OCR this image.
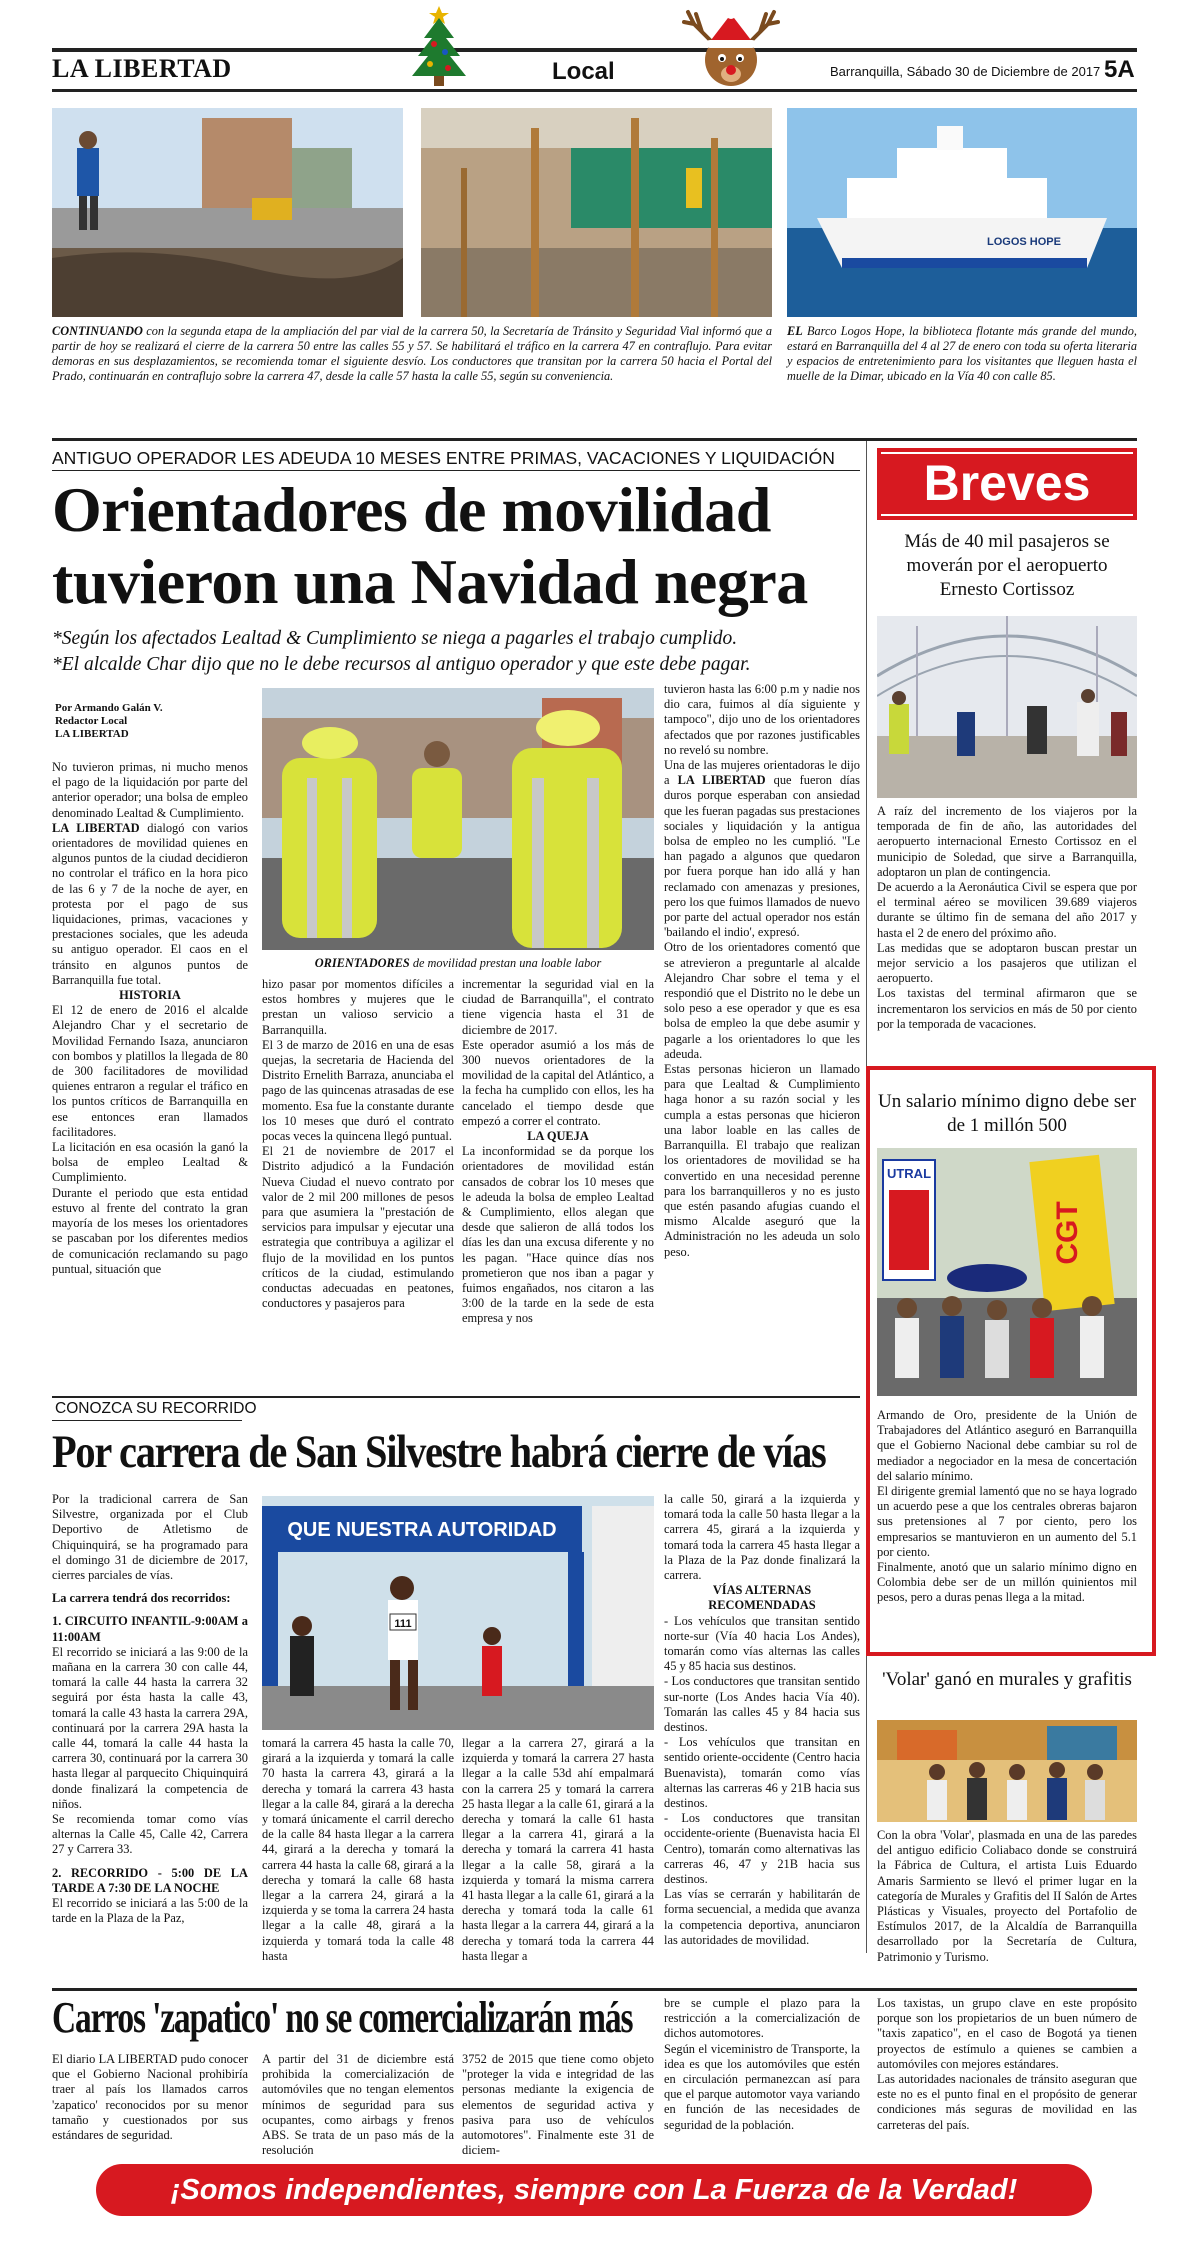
LA LIBERTAD	Local	Barranquilla, Sábado 30 de Diciembre de 2017 5A
LOGOS HOPE
CONTINUANDO con la segunda etapa de la ampliación del par vial de la carrera 50, la Secretaría de Tránsito y Seguridad Vial informó que a partir de hoy se realizará el cierre de la carrera 50 entre las calles 55 y 57. Se habilitará el tráfico en la carrera 47 en contraflujo. Para evitar demoras en sus desplazamientos, se recomienda tomar el siguiente desvío. Los conductores que transitan por la carrera 50 hacia el Portal del Prado, continuarán en contraflujo sobre la carrera 47, desde la calle 57 hasta la calle 55, según su conveniencia.
EL Barco Logos Hope, la biblioteca flotante más grande del mundo, estará en Barranquilla del 4 al 27 de enero con toda su oferta literaria y espacios de entretenimiento para los visitantes que lleguen hasta el muelle de la Dimar, ubicado en la Vía 40 con calle 85.
ANTIGUO OPERADOR LES ADEUDA 10 MESES ENTRE PRIMAS, VACACIONES Y LIQUIDACIÓN
Orientadores de movilidad
tuvieron una Navidad negra
*Según los afectados Lealtad & Cumplimiento se niega a pagarles el trabajo cumplido.
*El alcalde Char dijo que no le debe recursos al antiguo operador y que este debe pagar.
Por Armando Galán V.
Redactor Local
LA LIBERTAD

No tuvieron primas, ni mucho menos el pago de la liquidación por parte del anterior operador; una bolsa de empleo denominado Lealtad & Cumplimiento.

LA LIBERTAD dialogó con varios orientadores de movilidad quienes en algunos puntos de la ciudad decidieron no controlar el tráfico en la hora pico de las 6 y 7 de la noche de ayer, en protesta por el pago de sus liquidaciones, primas, vacaciones y prestaciones sociales, que les adeuda su antiguo operador. El caos en el tránsito en algunos puntos de Barranquilla fue total.

HISTORIA

El 12 de enero de 2016 el alcalde Alejandro Char y el secretario de Movilidad Fernando Isaza, anunciaron con bombos y platillos la llegada de 80 de 300 facilitadores de movilidad quienes entraron a regular el tráfico en los puntos críticos de Barranquilla en ese entonces eran llamados facilitadores.

La licitación en esa ocasión la ganó la bolsa de empleo Lealtad & Cumplimiento.

Durante el periodo que esta entidad estuvo al frente del contrato la gran mayoría de los meses los orientadores se pascaban por los diferentes medios de comunicación reclamando su pago puntual, situación que

ORIENTADORES de movilidad prestan una loable labor

hizo pasar por momentos difíciles a estos hombres y mujeres que le prestan un valioso servicio a Barranquilla.

El 3 de marzo de 2016 en una de esas quejas, la secretaria de Hacienda del Distrito Ernelith Barraza, anunciaba el pago de las quincenas atrasadas de ese momento. Esa fue la constante durante los 10 meses que duró el contrato pocas veces la quincena llegó puntual.

El 21 de noviembre de 2017 el Distrito adjudicó a la Fundación Nueva Ciudad el nuevo contrato por valor de 2 mil 200 millones de pesos para que asumiera la "prestación de servicios para impulsar y ejecutar una estrategia que contribuya a agilizar el flujo de la movilidad en los puntos críticos de la ciudad, estimulando conductas adecuadas en peatones, conductores y pasajeros para

incrementar la seguridad vial en la ciudad de Barranquilla", el contrato tiene vigencia hasta el 31 de diciembre de 2017.

Este operador asumió a los más de 300 nuevos orientadores de la movilidad de la capital del Atlántico, a la fecha ha cumplido con ellos, les ha cancelado el tiempo desde que empezó a correr el contrato.

LA QUEJA

La inconformidad se da porque los orientadores de movilidad están cansados de cobrar los 10 meses que le adeuda la bolsa de empleo Lealtad & Cumplimiento, ellos alegan que desde que salieron de allá todos los días les dan una excusa diferente y no les pagan. "Hace quince días nos prometieron que nos iban a pagar y fuimos engañados, nos citaron a las 3:00 de la tarde en la sede de esta empresa y nos

tuvieron hasta las 6:00 p.m y nadie nos dio cara, fuimos al día siguiente y tampoco", dijo uno de los orientadores afectados que por razones justificables no reveló su nombre.

Una de las mujeres orientadoras le dijo a LA LIBERTAD que fueron días duros porque esperaban con ansiedad que les fueran pagadas sus prestaciones sociales y liquidación y la antigua bolsa de empleo no les cumplió. "Le han pagado a algunos que quedaron por fuera porque han ido allá y han reclamado con amenazas y presiones, pero los que fuimos llamados de nuevo por parte del actual operador nos están 'bailando el indio', expresó.

Otro de los orientadores comentó que se atrevieron a preguntarle al alcalde Alejandro Char sobre el tema y el respondió que el Distrito no le debe un solo peso a ese operador y que es esa bolsa de empleo la que debe asumir y pagarle a los orientadores lo que les adeuda.

Estas personas hicieron un llamado para que Lealtad & Cumplimiento haga honor a su razón social y les cumpla a estas personas que hicieron una labor loable en las calles de Barranquilla. El trabajo que realizan los orientadores de movilidad se ha convertido en una necesidad perenne para los barranquilleros y no es justo que estén pasando afugias cuando el mismo Alcalde aseguró que la Administración no les adeuda un solo peso.

Breves
Más de 40 mil pasajeros se moverán por el aeropuerto Ernesto Cortissoz

A raíz del incremento de los viajeros por la temporada de fin de año, las autoridades del aeropuerto internacional Ernesto Cortissoz en el municipio de Soledad, que sirve a Barranquilla, adoptaron un plan de contingencia.

De acuerdo a la Aeronáutica Civil se espera que por el terminal aéreo se movilicen 39.689 viajeros durante se último fin de semana del año 2017 y hasta el 2 de enero del próximo año.

Las medidas que se adoptaron buscan prestar un mejor servicio a los pasajeros que utilizan el aeropuerto.

Los taxistas del terminal afirmaron que se incrementaron los servicios en más de 50 por ciento por la temporada de vacaciones.

Un salario mínimo digno debe ser de 1 millón 500
UTRAL
CGT

Armando de Oro, presidente de la Unión de Trabajadores del Atlántico aseguró en Barranquilla que el Gobierno Nacional debe cambiar su rol de mediador a negociador en la mesa de concertación del salario mínimo.

El dirigente gremial lamentó que no se haya logrado un acuerdo pese a que los centrales obreras bajaron sus pretensiones al 7 por ciento, pero los empresarios se mantuvieron en un aumento del 5.1 por ciento.

Finalmente, anotó que un salario mínimo digno en Colombia debe ser de un millón quinientos mil pesos, pero a duras penas llega a la mitad.

'Volar' ganó en murales y grafitis

Con la obra 'Volar', plasmada en una de las paredes del antiguo edificio Coliabaco donde se construirá la Fábrica de Cultura, el artista Luis Eduardo Amaris Sarmiento se llevó el primer lugar en la categoría de Murales y Grafitis del II Salón de Artes Plásticas y Visuales, proyecto del Portafolio de Estímulos 2017, de la Alcaldía de Barranquilla desarrollado por la Secretaría de Cultura, Patrimonio y Turismo.

CONOZCA SU RECORRIDO
Por carrera de San Silvestre habrá cierre de vías

Por la tradicional carrera de San Silvestre, organizada por el Club Deportivo de Atletismo de Chiquinquirá, se ha programado para el domingo 31 de diciembre de 2017, cierres parciales de vías.

La carrera tendrá dos recorridos:

1. CIRCUITO INFANTIL-9:00AM a 11:00AM

El recorrido se iniciará a las 9:00 de la mañana en la carrera 30 con calle 44, tomará la calle 44 hasta la carrera 32 seguirá por ésta hasta la calle 43, tomará la calle 43 hasta la carrera 29A, continuará por la carrera 29A hasta la calle 44, tomará la calle 44 hasta la carrera 30, continuará por la carrera 30 hasta llegar al parquecito Chiquinquirá donde finalizará la competencia de niños.

Se recomienda tomar como vías alternas la Calle 45, Calle 42, Carrera 27 y Carrera 33.

2. RECORRIDO - 5:00 DE LA TARDE A 7:30 DE LA NOCHE

El recorrido se iniciará a las 5:00 de la tarde en la Plaza de la Paz,

QUE NUESTRA AUTORIDAD
111

tomará la carrera 45 hasta la calle 70, girará a la izquierda y tomará la calle 70 hasta la carrera 43, girará a la derecha y tomará la carrera 43 hasta llegar a la calle 84, girará a la derecha y tomará únicamente el carril derecho de la calle 84 hasta llegar a la carrera 44, girará a la derecha y tomará la carrera 44 hasta la calle 68, girará a la derecha y tomará la calle 68 hasta llegar a la carrera 24, girará a la izquierda y se toma la carrera 24 hasta llegar a la calle 48, girará a la izquierda y tomará toda la calle 48 hasta

llegar a la carrera 27, girará a la izquierda y tomará la carrera 27 hasta llegar a la calle 53d ahí empalmará con la carrera 25 y tomará la carrera 25 hasta llegar a la calle 61, girará a la derecha y tomará la calle 61 hasta llegar a la carrera 41, girará a la derecha y tomará la carrera 41 hasta llegar a la calle 58, girará a la izquierda y tomará la misma carrera 41 hasta llegar a la calle 61, girará a la derecha y tomará toda la calle 61 hasta llegar a la carrera 44, girará a la derecha y tomará toda la carrera 44 hasta llegar a

la calle 50, girará a la izquierda y tomará toda la calle 50 hasta llegar a la carrera 45, girará a la izquierda y tomará toda la carrera 45 hasta llegar a la Plaza de la Paz donde finalizará la carrera.

VÍAS ALTERNAS RECOMENDADAS

- Los vehículos que transitan sentido norte-sur (Vía 40 hacia Los Andes), tomarán como vías alternas las calles 45 y 85 hacia sus destinos.

- Los conductores que transitan sentido sur-norte (Los Andes hacia Vía 40). Tomarán las calles 45 y 84 hacia sus destinos.

- Los vehículos que transitan en sentido oriente-occidente (Centro hacia Buenavista), tomarán como vías alternas las carreras 46 y 21B hacia sus destinos.

- Los conductores que transitan occidente-oriente (Buenavista hacia El Centro), tomarán como alternativas las carreras 46, 47 y 21B hacia sus destinos.

Las vías se cerrarán y habilitarán de forma secuencial, a medida que avanza la competencia deportiva, anunciaron las autoridades de movilidad.

Carros 'zapatico' no se comercializarán más

El diario LA LIBERTAD pudo conocer que el Gobierno Nacional prohibiría traer al país los llamados carros 'zapatico' reconocidos por su menor tamaño y cuestionados por sus estándares de seguridad.

A partir del 31 de diciembre está prohibida la comercialización de automóviles que no tengan elementos mínimos de seguridad para sus ocupantes, como airbags y frenos ABS. Se trata de un paso más de la resolución

3752 de 2015 que tiene como objeto "proteger la vida e integridad de las personas mediante la exigencia de elementos de seguridad activa y pasiva para uso de vehículos automotores". Finalmente este 31 de diciem-

bre se cumple el plazo para la restricción a la comercialización de dichos automotores.

Según el viceministro de Transporte, la idea es que los automóviles que estén en circulación permanezcan así para que el parque automotor vaya variando en función de las necesidades de seguridad de la población.

Los taxistas, un grupo clave en este propósito porque son los propietarios de un buen número de "taxis zapatico", en el caso de Bogotá ya tienen proyectos de estímulo a quienes se cambien a automóviles con mejores estándares.

Las autoridades nacionales de tránsito aseguran que este no es el punto final en el propósito de generar condiciones más seguras de movilidad en las carreteras del país.

¡Somos independientes, siempre con La Fuerza de la Verdad!
